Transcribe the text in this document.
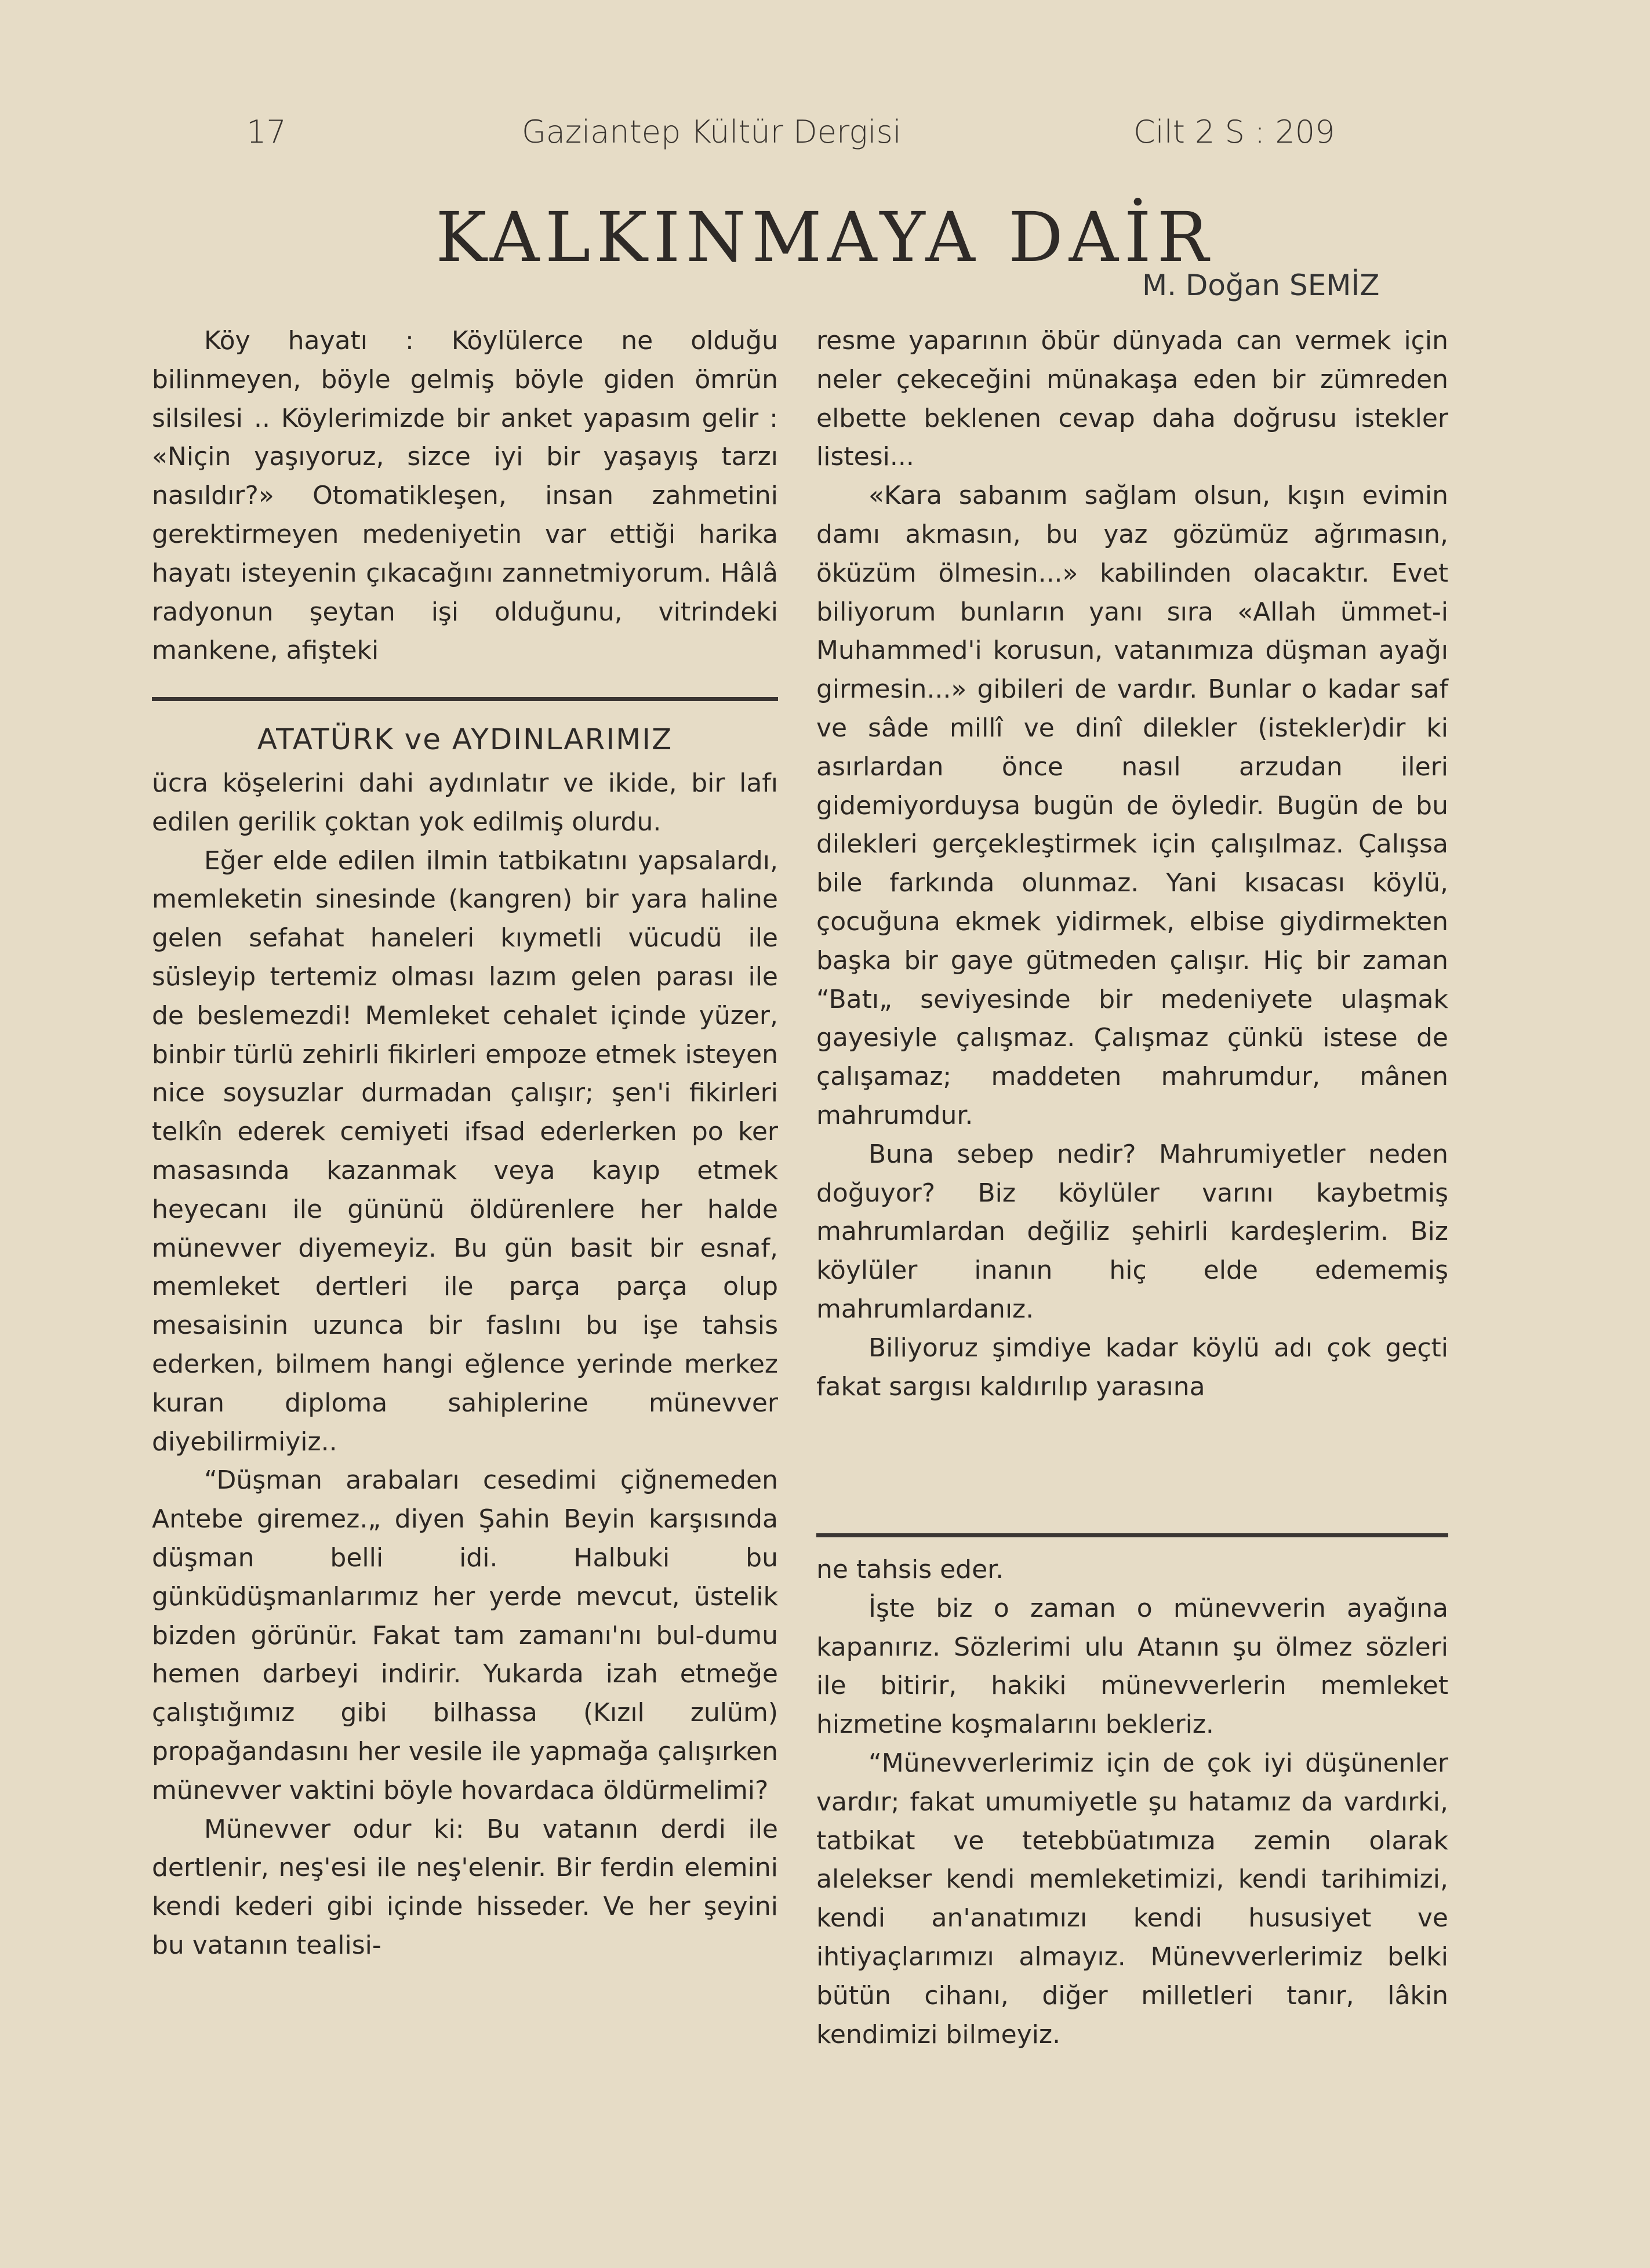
17	Gaziantep Kültür Dergisi	Cilt 2 S : 209
KALKINMAYA DAİR
M. Doğan SEMİZ

Köy hayatı : Köylülerce ne olduğu bilinmeyen, böyle gelmiş böyle giden ömrün silsilesi .. Köylerimizde bir anket yapasım gelir : «Niçin yaşıyoruz, sizce iyi bir yaşayış tarzı nasıldır?» Otomatikleşen, insan zahmetini gerektirmeyen medeniyetin var ettiği harika hayatı isteyenin çıkacağını zannetmiyorum. Hâlâ radyonun şeytan işi olduğunu, vitrindeki mankene, afişteki

ATATÜRK ve AYDINLARIMIZ

ücra köşelerini dahi aydınlatır ve ikide, bir lafı edilen gerilik çoktan yok edilmiş olurdu.

Eğer elde edilen ilmin tatbikatını yapsalardı, memleketin sinesinde (kangren) bir yara haline gelen sefahat haneleri kıymetli vücudü ile süsleyip tertemiz olması lazım gelen parası ile de beslemezdi! Memleket cehalet içinde yüzer, binbir türlü zehirli fikirleri empoze etmek isteyen nice soysuzlar durmadan çalışır; şen'i fikirleri telkîn ederek cemiyeti ifsad ederlerken po ker masasında kazanmak veya kayıp etmek heyecanı ile gününü öldürenlere her halde münevver diyemeyiz. Bu gün basit bir esnaf, memleket dertleri ile parça parça olup mesaisinin uzunca bir faslını bu işe tahsis ederken, bilmem hangi eğlence yerinde merkez kuran diploma sahiplerine münevver diyebilirmiyiz..

“Düşman arabaları cesedimi çiğnemeden Antebe giremez.„ diyen Şahin Beyin karşısında düşman belli idi. Halbuki bu günküdüşmanlarımız her yerde mevcut, üstelik bizden görünür. Fakat tam zamanı'nı bul-dumu hemen darbeyi indirir. Yukarda izah etmeğe çalıştığımız gibi bilhassa (Kızıl zulüm) propağandasını her vesile ile yapmağa çalışırken münevver vaktini böyle hovardaca öldürmelimi?

Münevver odur ki: Bu vatanın derdi ile dertlenir, neş'esi ile neş'elenir. Bir ferdin elemini kendi kederi gibi içinde hisseder. Ve her şeyini bu vatanın tealisi-

resme yaparının öbür dünyada can vermek için neler çekeceğini münakaşa eden bir zümreden elbette beklenen cevap daha doğrusu istekler listesi...

«Kara sabanım sağlam olsun, kışın evimin damı akmasın, bu yaz gözümüz ağrımasın, öküzüm ölmesin...» kabilinden olacaktır. Evet biliyorum bunların yanı sıra «Allah ümmet-i Muhammed'i korusun, vatanımıza düşman ayağı girmesin...» gibileri de vardır. Bunlar o kadar saf ve sâde millî ve dinî dilekler (istekler)dir ki asırlardan önce nasıl arzudan ileri gidemiyorduysa bugün de öyledir. Bugün de bu dilekleri gerçekleştirmek için çalışılmaz. Çalışsa bile farkında olunmaz. Yani kısacası köylü, çocuğuna ekmek yidirmek, elbise giydirmekten başka bir gaye gütmeden çalışır. Hiç bir zaman “Batı„ seviyesinde bir medeniyete ulaşmak gayesiyle çalışmaz. Çalışmaz çünkü istese de çalışamaz; maddeten mahrumdur, mânen mahrumdur.

Buna sebep nedir? Mahrumiyetler neden doğuyor? Biz köylüler varını kaybetmiş mahrumlardan değiliz şehirli kardeşlerim. Biz köylüler inanın hiç elde edememiş mahrumlardanız.

Biliyoruz şimdiye kadar köylü adı çok geçti fakat sargısı kaldırılıp yarasına

ne tahsis eder.

İşte biz o zaman o münevverin ayağına kapanırız. Sözlerimi ulu Atanın şu ölmez sözleri ile bitirir, hakiki münevverlerin memleket hizmetine koşmalarını bekleriz.

“Münevverlerimiz için de çok iyi düşünenler vardır; fakat umumiyetle şu hatamız da vardırki, tatbikat ve tetebbüatımıza zemin olarak alelekser kendi memleketimizi, kendi tarihimizi, kendi an'anatımızı kendi hususiyet ve ihtiyaçlarımızı almayız. Münevverlerimiz belki bütün cihanı, diğer milletleri tanır, lâkin kendimizi bilmeyiz.
